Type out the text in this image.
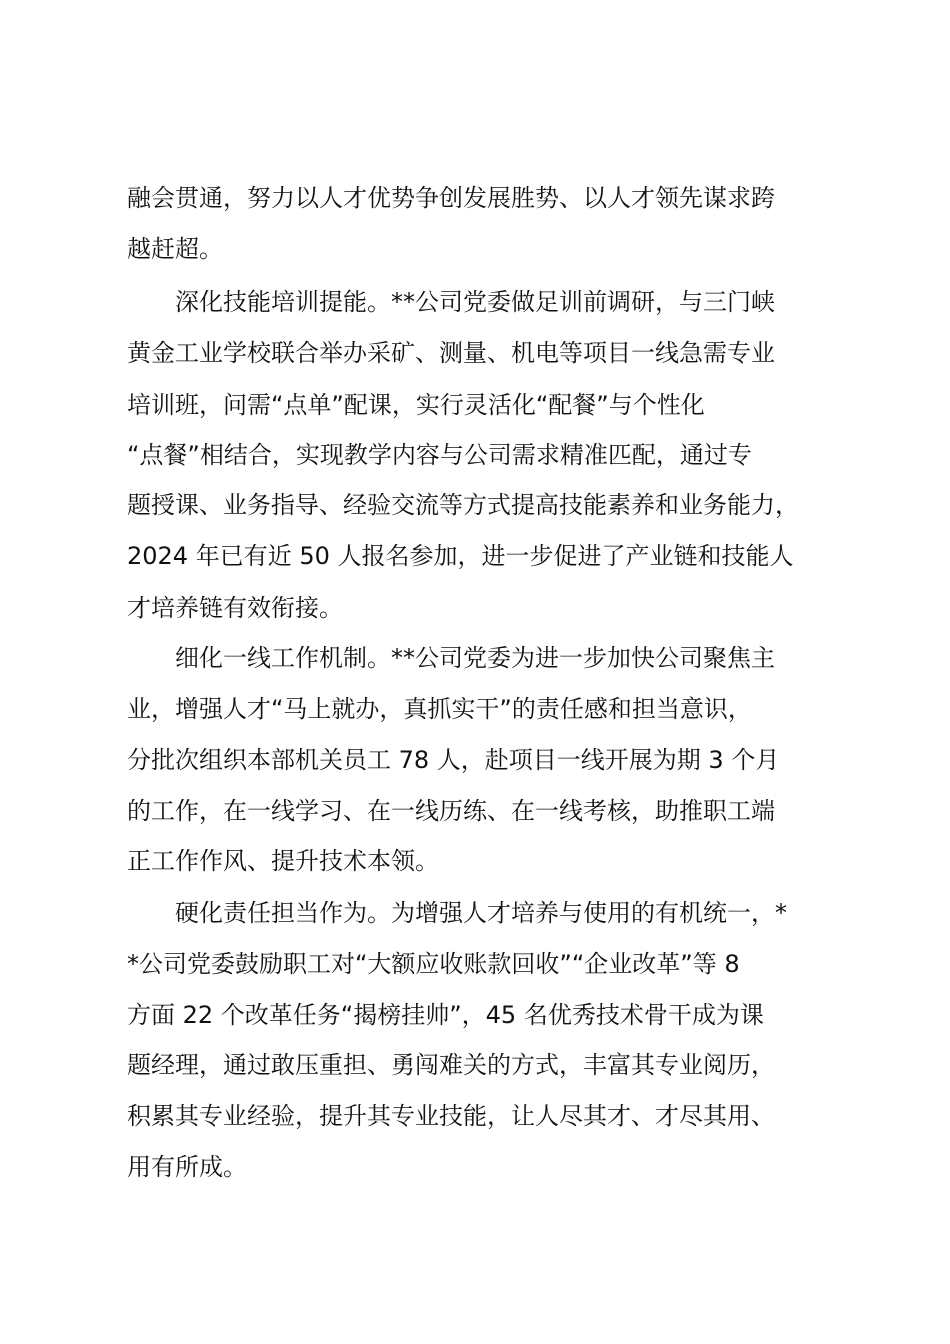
融会贯通，努力以人才优势争创发展胜势、以人才领先谋求跨
越赶超。
深化技能培训提能。**公司党委做足训前调研，与三门峡
黄金工业学校联合举办采矿、测量、机电等项目一线急需专业
培训班，问需“点单”配课，实行灵活化“配餐”与个性化
“点餐”相结合，实现教学内容与公司需求精准匹配，通过专
题授课、业务指导、经验交流等方式提高技能素养和业务能力，
2024 年已有近 50 人报名参加，进一步促进了产业链和技能人
才培养链有效衔接。
细化一线工作机制。**公司党委为进一步加快公司聚焦主
业，增强人才“马上就办，真抓实干”的责任感和担当意识，
分批次组织本部机关员工 78 人，赴项目一线开展为期 3 个月
的工作，在一线学习、在一线历练、在一线考核，助推职工端
正工作作风、提升技术本领。
硬化责任担当作为。为增强人才培养与使用的有机统一，*
*公司党委鼓励职工对“大额应收账款回收”“企业改革”等 8
方面 22 个改革任务“揭榜挂帅”，45 名优秀技术骨干成为课
题经理，通过敢压重担、勇闯难关的方式，丰富其专业阅历，
积累其专业经验，提升其专业技能，让人尽其才、才尽其用、
用有所成。
